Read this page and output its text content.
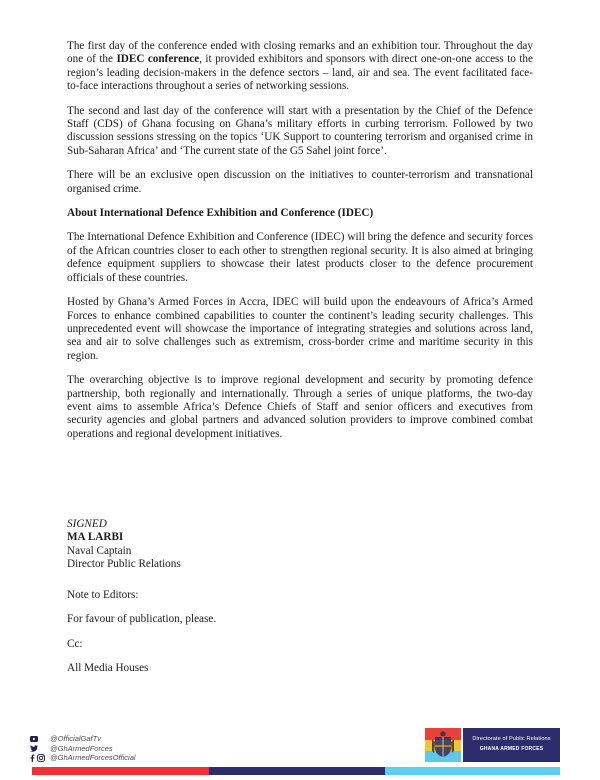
The first day of the conference ended with closing remarks and an exhibition tour. Throughout the day one of the IDEC conference, it provided exhibitors and sponsors with direct one-on-one access to the region’s leading decision-makers in the defence sectors – land, air and sea. The event facilitated face-to-face interactions throughout a series of networking sessions.

The second and last day of the conference will start with a presentation by the Chief of the Defence Staff (CDS) of Ghana focusing on Ghana’s military efforts in curbing terrorism. Followed by two discussion sessions stressing on the topics ‘UK Support to countering terrorism and organised crime in Sub-Saharan Africa’ and ‘The current state of the G5 Sahel joint force’.

There will be an exclusive open discussion on the initiatives to counter-terrorism and transnational organised crime.

About International Defence Exhibition and Conference (IDEC)

The International Defence Exhibition and Conference (IDEC) will bring the defence and security forces of the African countries closer to each other to strengthen regional security. It is also aimed at bringing defence equipment suppliers to showcase their latest products closer to the defence procurement officials of these countries.

Hosted by Ghana’s Armed Forces in Accra, IDEC will build upon the endeavours of Africa’s Armed Forces to enhance combined capabilities to counter the continent’s leading security challenges. This unprecedented event will showcase the importance of integrating strategies and solutions across land, sea and air to solve challenges such as extremism, cross-border crime and maritime security in this region.

The overarching objective is to improve regional development and security by promoting defence partnership, both regionally and internationally. Through a series of unique platforms, the two-day event aims to assemble Africa’s Defence Chiefs of Staff and senior officers and executives from security agencies and global partners and advanced solution providers to improve combined combat operations and regional development initiatives.

SIGNED
MA LARBI
Naval Captain
Director Public Relations
Note to Editors:
For favour of publication, please.
Cc:
All Media Houses
@OfficialGafTv
@GhArmedForces
@GhArmedForcesOfficial
Directorate of Public Relations
GHANA ARMED FORCES
